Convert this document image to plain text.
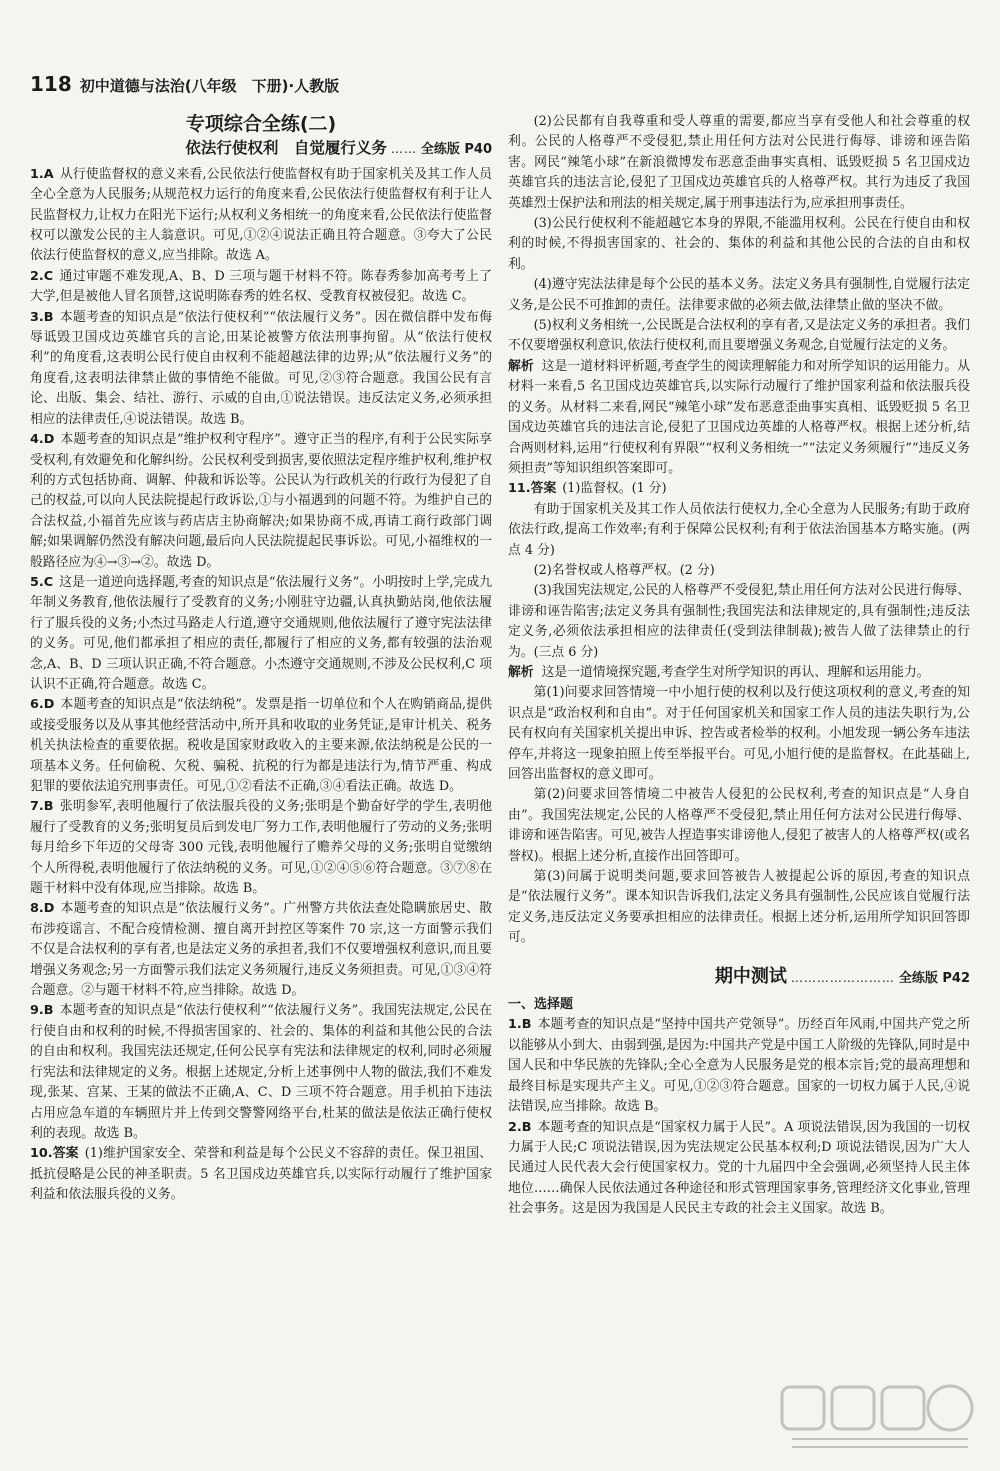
118 初中道德与法治(八年级　下册)·人教版
专项综合全练(二)
依法行使权利　自觉履行义务 …… 全练版 P40

1.A 从行使监督权的意义来看,公民依法行使监督权有助于国家机关及其工作人员全心全意为人民服务;从规范权力运行的角度来看,公民依法行使监督权有利于让人民监督权力,让权力在阳光下运行;从权利义务相统一的角度来看,公民依法行使监督权可以激发公民的主人翁意识。可见,①②④说法正确且符合题意。③夸大了公民依法行使监督权的意义,应当排除。故选 A。

2.C 通过审题不难发现,A、B、D 三项与题干材料不符。陈春秀参加高考考上了大学,但是被他人冒名顶替,这说明陈春秀的姓名权、受教育权被侵犯。故选 C。

3.B 本题考查的知识点是“依法行使权利”“依法履行义务”。因在微信群中发布侮辱诋毁卫国戍边英雄官兵的言论,田某论被警方依法刑事拘留。从“依法行使权利”的角度看,这表明公民行使自由权利不能超越法律的边界;从“依法履行义务”的角度看,这表明法律禁止做的事情绝不能做。可见,②③符合题意。我国公民有言论、出版、集会、结社、游行、示威的自由,①说法错误。违反法定义务,必须承担相应的法律责任,④说法错误。故选 B。

4.D 本题考查的知识点是“维护权利守程序”。遵守正当的程序,有利于公民实际享受权利,有效避免和化解纠纷。公民权利受到损害,要依照法定程序维护权利,维护权利的方式包括协商、调解、仲裁和诉讼等。公民认为行政机关的行政行为侵犯了自己的权益,可以向人民法院提起行政诉讼,①与小福遇到的问题不符。为维护自己的合法权益,小福首先应该与药店店主协商解决;如果协商不成,再请工商行政部门调解;如果调解仍然没有解决问题,最后向人民法院提起民事诉讼。可见,小福维权的一般路径应为④→③→②。故选 D。

5.C 这是一道逆向选择题,考查的知识点是“依法履行义务”。小明按时上学,完成九年制义务教育,他依法履行了受教育的义务;小刚驻守边疆,认真执勤站岗,他依法履行了服兵役的义务;小杰过马路走人行道,遵守交通规则,他依法履行了遵守宪法法律的义务。可见,他们都承担了相应的责任,都履行了相应的义务,都有较强的法治观念,A、B、D 三项认识正确,不符合题意。小杰遵守交通规则,不涉及公民权利,C 项认识不正确,符合题意。故选 C。

6.D 本题考查的知识点是“依法纳税”。发票是指一切单位和个人在购销商品,提供或接受服务以及从事其他经营活动中,所开具和收取的业务凭证,是审计机关、税务机关执法检查的重要依据。税收是国家财政收入的主要来源,依法纳税是公民的一项基本义务。任何偷税、欠税、骗税、抗税的行为都是违法行为,情节严重、构成犯罪的要依法追究刑事责任。可见,①②看法不正确,③④看法正确。故选 D。

7.B 张明参军,表明他履行了依法服兵役的义务;张明是个勤奋好学的学生,表明他履行了受教育的义务;张明复员后到发电厂努力工作,表明他履行了劳动的义务;张明每月给乡下年迈的父母寄 300 元钱,表明他履行了赡养父母的义务;张明自觉缴纳个人所得税,表明他履行了依法纳税的义务。可见,①②④⑤⑥符合题意。③⑦⑧在题干材料中没有体现,应当排除。故选 B。

8.D 本题考查的知识点是“依法履行义务”。广州警方共依法查处隐瞒旅居史、散布涉疫谣言、不配合疫情检测、擅自离开封控区等案件 70 宗,这一方面警示我们不仅是合法权利的享有者,也是法定义务的承担者,我们不仅要增强权利意识,而且要增强义务观念;另一方面警示我们法定义务须履行,违反义务须担责。可见,①③④符合题意。②与题干材料不符,应当排除。故选 D。

9.B 本题考查的知识点是“依法行使权利”“依法履行义务”。我国宪法规定,公民在行使自由和权利的时候,不得损害国家的、社会的、集体的利益和其他公民的合法的自由和权利。我国宪法还规定,任何公民享有宪法和法律规定的权利,同时必须履行宪法和法律规定的义务。根据上述规定,分析上述事例中人物的做法,我们不难发现,张某、宫某、王某的做法不正确,A、C、D 三项不符合题意。用手机拍下违法占用应急车道的车辆照片并上传到交警警网络平台,杜某的做法是依法正确行使权利的表现。故选 B。

10.答案 (1)维护国家安全、荣誉和利益是每个公民义不容辞的责任。保卫祖国、抵抗侵略是公民的神圣职责。5 名卫国戍边英雄官兵,以实际行动履行了维护国家利益和依法服兵役的义务。

(2)公民都有自我尊重和受人尊重的需要,都应当享有受他人和社会尊重的权利。公民的人格尊严不受侵犯,禁止用任何方法对公民进行侮辱、诽谤和诬告陷害。网民“辣笔小球”在新浪微博发布恶意歪曲事实真相、诋毁贬损 5 名卫国戍边英雄官兵的违法言论,侵犯了卫国戍边英雄官兵的人格尊严权。其行为违反了我国英雄烈士保护法和刑法的相关规定,属于刑事违法行为,应承担刑事责任。

(3)公民行使权利不能超越它本身的界限,不能滥用权利。公民在行使自由和权利的时候,不得损害国家的、社会的、集体的利益和其他公民的合法的自由和权利。

(4)遵守宪法法律是每个公民的基本义务。法定义务具有强制性,自觉履行法定义务,是公民不可推卸的责任。法律要求做的必须去做,法律禁止做的坚决不做。

(5)权利义务相统一,公民既是合法权利的享有者,又是法定义务的承担者。我们不仅要增强权利意识,依法行使权利,而且要增强义务观念,自觉履行法定的义务。

解析 这是一道材料评析题,考查学生的阅读理解能力和对所学知识的运用能力。从材料一来看,5 名卫国戍边英雄官兵,以实际行动履行了维护国家利益和依法服兵役的义务。从材料二来看,网民“辣笔小球”发布恶意歪曲事实真相、诋毁贬损 5 名卫国戍边英雄官兵的违法言论,侵犯了卫国戍边英雄的人格尊严权。根据上述分析,结合两则材料,运用“行使权利有界限”“权利义务相统一”“法定义务须履行”“违反义务须担责”等知识组织答案即可。

11.答案 (1)监督权。(1 分)

有助于国家机关及其工作人员依法行使权力,全心全意为人民服务;有助于政府依法行政,提高工作效率;有利于保障公民权利;有利于依法治国基本方略实施。(两点 4 分)

(2)名誉权或人格尊严权。(2 分)

(3)我国宪法规定,公民的人格尊严不受侵犯,禁止用任何方法对公民进行侮辱、诽谤和诬告陷害;法定义务具有强制性;我国宪法和法律规定的,具有强制性;违反法定义务,必须依法承担相应的法律责任(受到法律制裁);被告人做了法律禁止的行为。(三点 6 分)

解析 这是一道情境探究题,考查学生对所学知识的再认、理解和运用能力。

第(1)问要求回答情境一中小旭行使的权利以及行使这项权利的意义,考查的知识点是“政治权利和自由”。对于任何国家机关和国家工作人员的违法失职行为,公民有权向有关国家机关提出申诉、控告或者检举的权利。小旭发现一辆公务车违法停车,并将这一现象拍照上传至举报平台。可见,小旭行使的是监督权。在此基础上,回答出监督权的意义即可。

第(2)问要求回答情境二中被告人侵犯的公民权利,考查的知识点是“人身自由”。我国宪法规定,公民的人格尊严不受侵犯,禁止用任何方法对公民进行侮辱、诽谤和诬告陷害。可见,被告人捏造事实诽谤他人,侵犯了被害人的人格尊严权(或名誉权)。根据上述分析,直接作出回答即可。

第(3)问属于说明类问题,要求回答被告人被提起公诉的原因,考查的知识点是“依法履行义务”。课本知识告诉我们,法定义务具有强制性,公民应该自觉履行法定义务,违反法定义务要承担相应的法律责任。根据上述分析,运用所学知识回答即可。

期中测试 …………………… 全练版 P42
一、选择题

1.B 本题考查的知识点是“坚持中国共产党领导”。历经百年风雨,中国共产党之所以能够从小到大、由弱到强,是因为:中国共产党是中国工人阶级的先锋队,同时是中国人民和中华民族的先锋队;全心全意为人民服务是党的根本宗旨;党的最高理想和最终目标是实现共产主义。可见,①②③符合题意。国家的一切权力属于人民,④说法错误,应当排除。故选 B。

2.B 本题考查的知识点是“国家权力属于人民”。A 项说法错误,因为我国的一切权力属于人民;C 项说法错误,因为宪法规定公民基本权利;D 项说法错误,因为广大人民通过人民代表大会行使国家权力。党的十九届四中全会强调,必须坚持人民主体地位……确保人民依法通过各种途径和形式管理国家事务,管理经济文化事业,管理社会事务。这是因为我国是人民民主专政的社会主义国家。故选 B。
